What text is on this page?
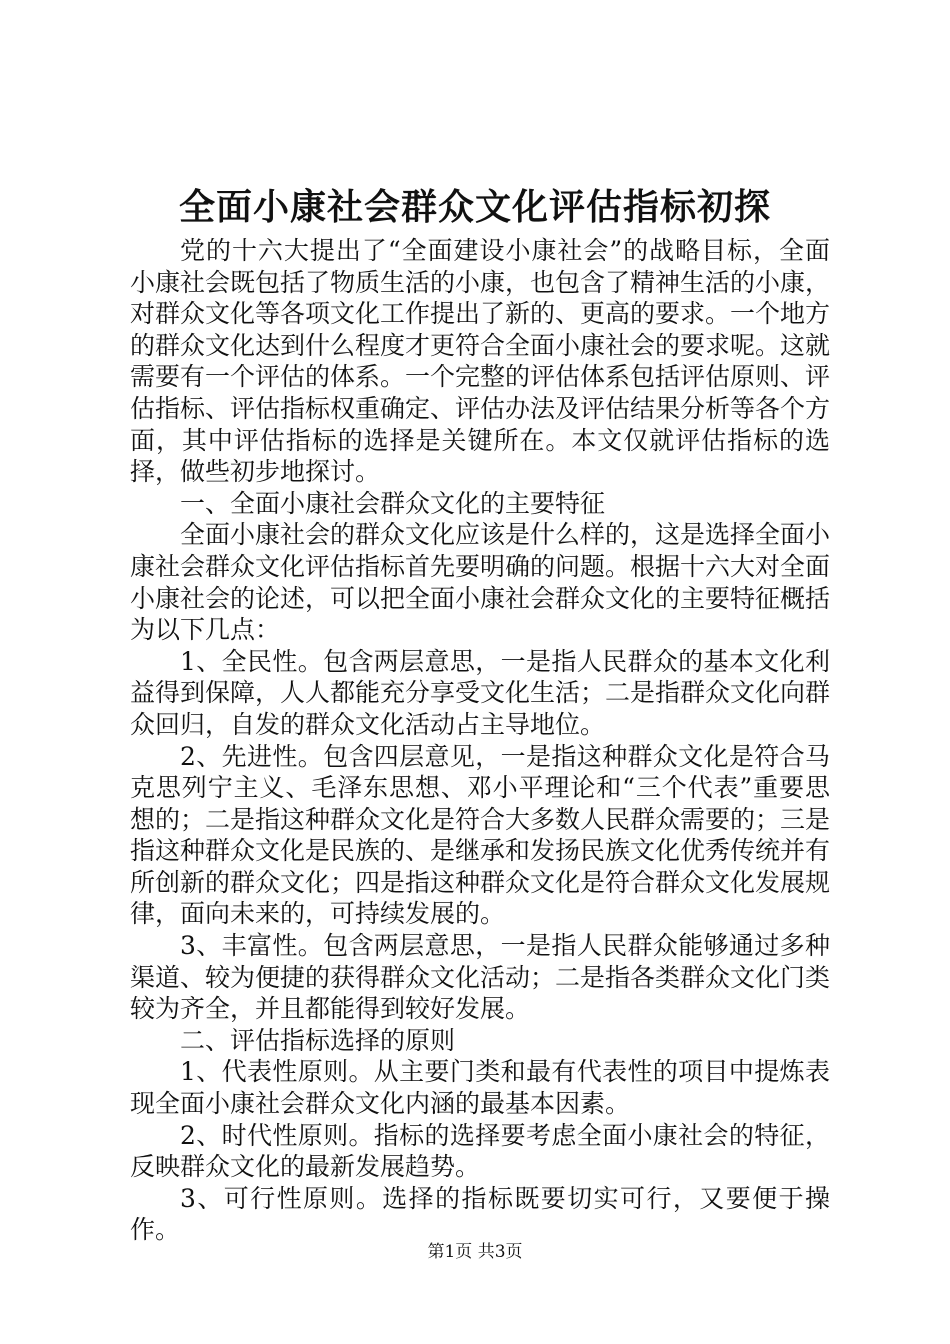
全面小康社会群众文化评估指标初探

党的十六大提出了“全面建设小康社会”的战略目标，全面小康社会既包括了物质生活的小康，也包含了精神生活的小康，对群众文化等各项文化工作提出了新的、更高的要求。一个地方的群众文化达到什么程度才更符合全面小康社会的要求呢。这就需要有一个评估的体系。一个完整的评估体系包括评估原则、评估指标、评估指标权重确定、评估办法及评估结果分析等各个方面，其中评估指标的选择是关键所在。本文仅就评估指标的选择，做些初步地探讨。

一、全面小康社会群众文化的主要特征

全面小康社会的群众文化应该是什么样的，这是选择全面小康社会群众文化评估指标首先要明确的问题。根据十六大对全面小康社会的论述，可以把全面小康社会群众文化的主要特征概括为以下几点：

1、全民性。包含两层意思，一是指人民群众的基本文化利益得到保障，人人都能充分享受文化生活；二是指群众文化向群众回归，自发的群众文化活动占主导地位。

2、先进性。包含四层意见，一是指这种群众文化是符合马克思列宁主义、毛泽东思想、邓小平理论和“三个代表”重要思想的；二是指这种群众文化是符合大多数人民群众需要的；三是指这种群众文化是民族的、是继承和发扬民族文化优秀传统并有所创新的群众文化；四是指这种群众文化是符合群众文化发展规律，面向未来的，可持续发展的。

3、丰富性。包含两层意思，一是指人民群众能够通过多种渠道、较为便捷的获得群众文化活动；二是指各类群众文化门类较为齐全，并且都能得到较好发展。

二、评估指标选择的原则

1、代表性原则。从主要门类和最有代表性的项目中提炼表现全面小康社会群众文化内涵的最基本因素。

2、时代性原则。指标的选择要考虑全面小康社会的特征，反映群众文化的最新发展趋势。

3、可行性原则。选择的指标既要切实可行，又要便于操作。

第1页 共3页
